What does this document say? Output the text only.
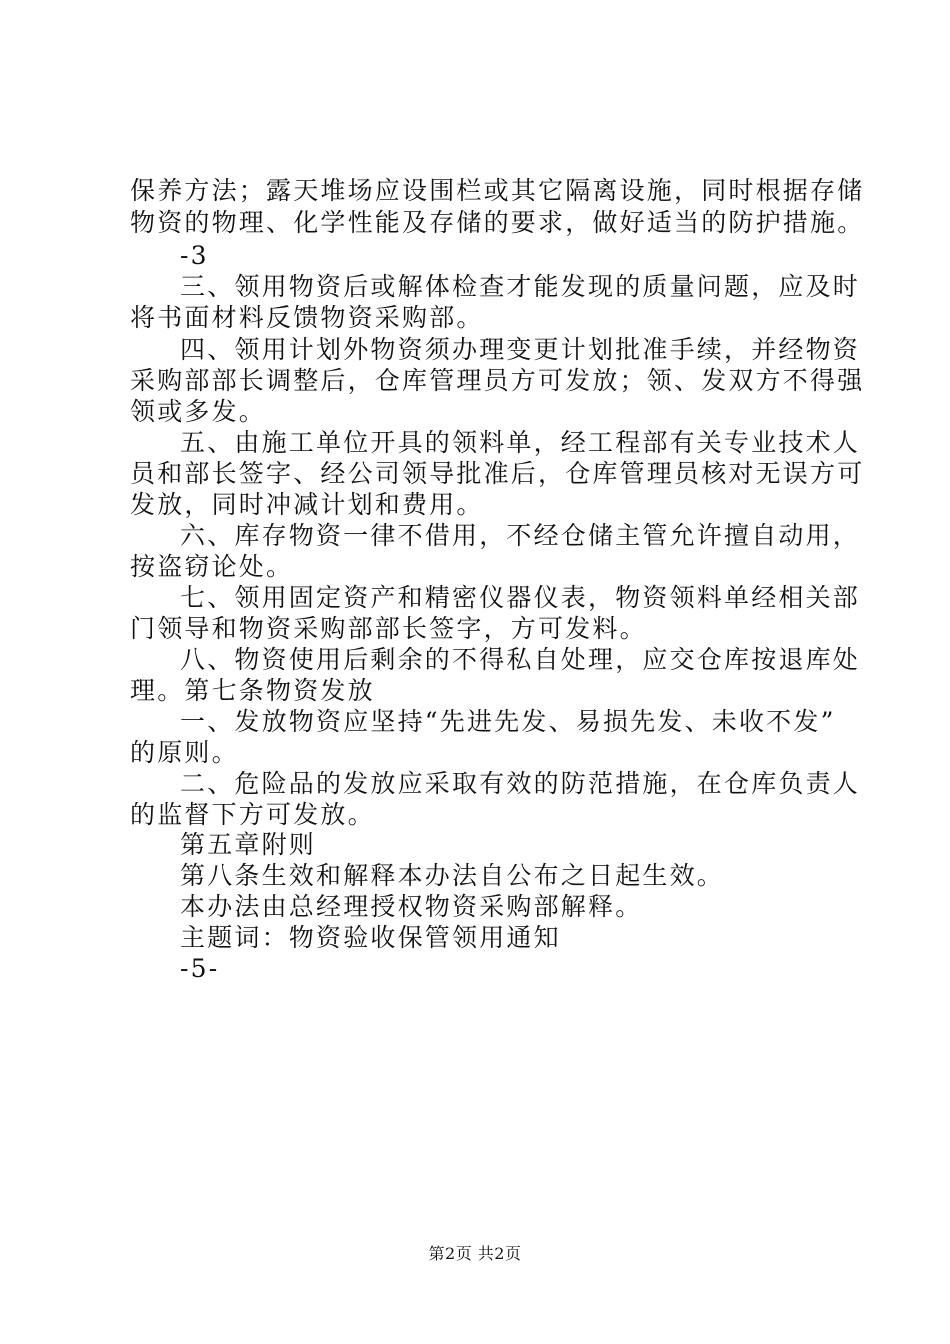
保养方法；露天堆场应设围栏或其它隔离设施，同时根据存储
物资的物理、化学性能及存储的要求，做好适当的防护措施。
-3
三、领用物资后或解体检查才能发现的质量问题，应及时
将书面材料反馈物资采购部。
四、领用计划外物资须办理变更计划批准手续，并经物资
采购部部长调整后，仓库管理员方可发放；领、发双方不得强
领或多发。
五、由施工单位开具的领料单，经工程部有关专业技术人
员和部长签字、经公司领导批准后，仓库管理员核对无误方可
发放，同时冲减计划和费用。
六、库存物资一律不借用，不经仓储主管允许擅自动用，
按盗窃论处。
七、领用固定资产和精密仪器仪表，物资领料单经相关部
门领导和物资采购部部长签字，方可发料。
八、物资使用后剩余的不得私自处理，应交仓库按退库处
理。第七条物资发放
一、发放物资应坚持“先进先发、易损先发、未收不发”
的原则。
二、危险品的发放应采取有效的防范措施，在仓库负责人
的监督下方可发放。
第五章附则
第八条生效和解释本办法自公布之日起生效。
本办法由总经理授权物资采购部解释。
主题词：物资验收保管领用通知
-5-
第2页 共2页
